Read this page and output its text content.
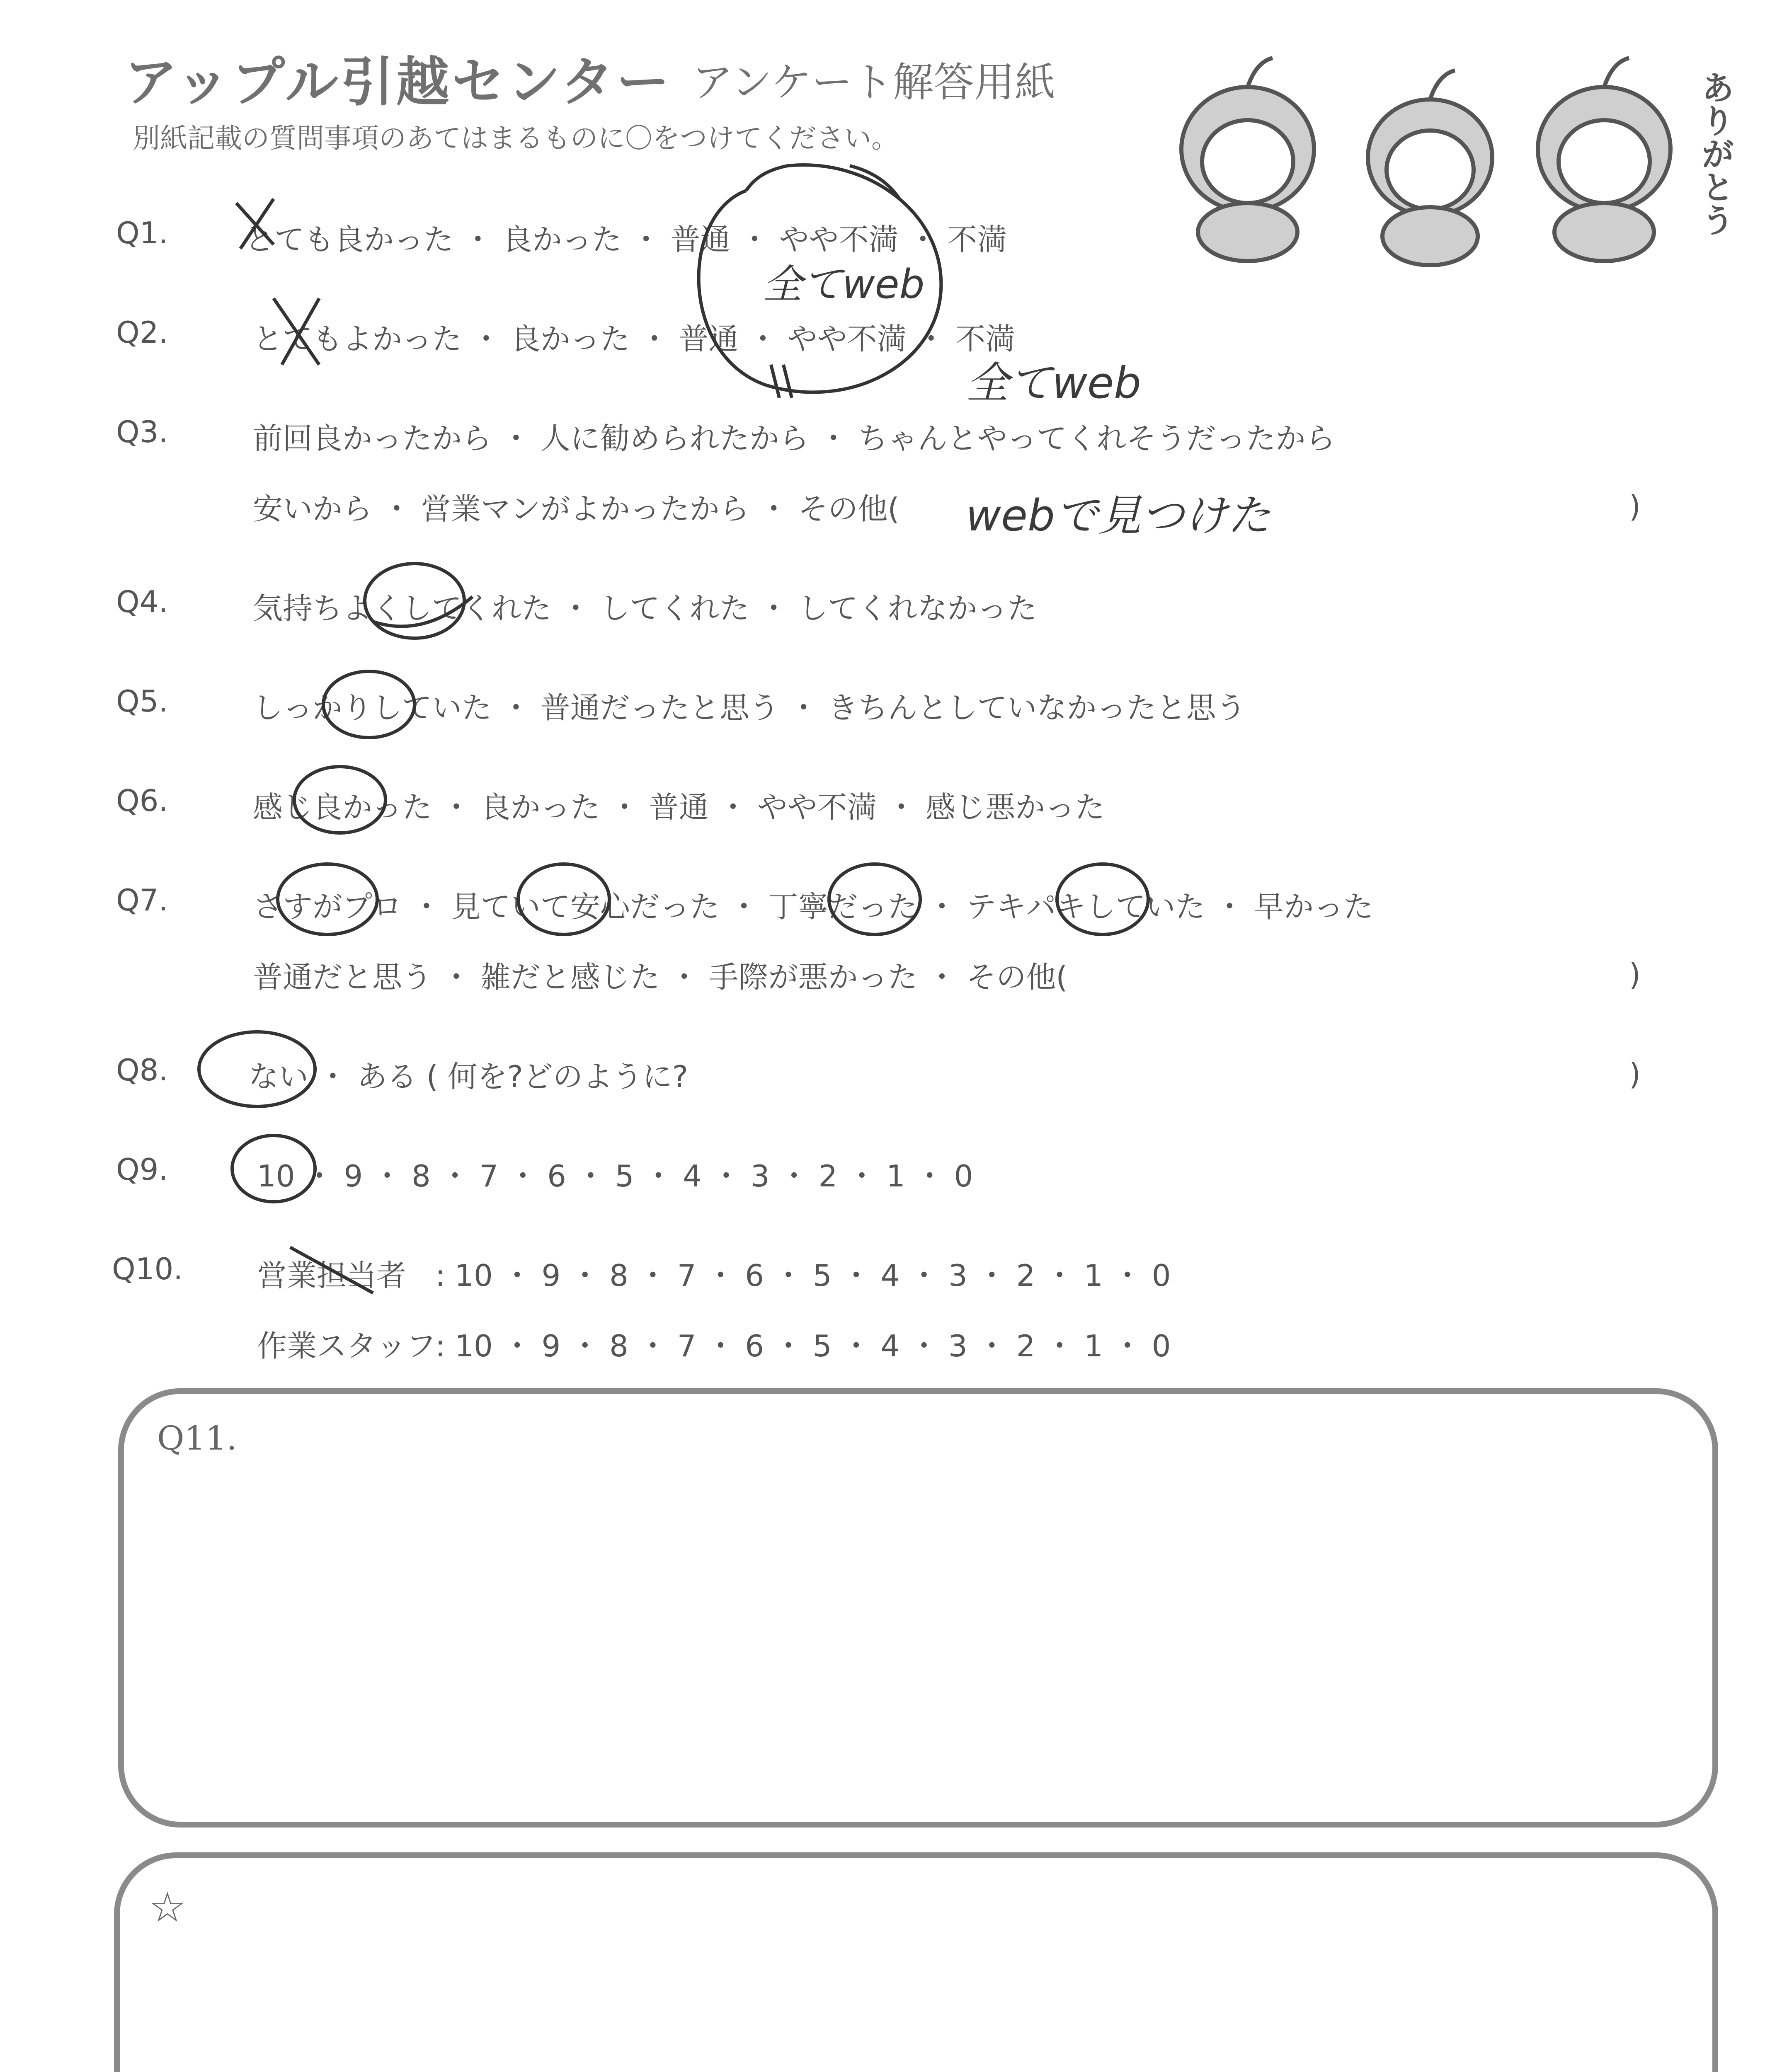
アップル引越センター アンケート解答用紙
別紙記載の質問事項のあてはまるものに〇をつけてください。	ありがとう
Q1.	とても良かった ・ 良かった ・ 普通 ・ やや不満 ・ 不満
Q2.	とてもよかった ・ 良かった ・ 普通 ・ やや不満 ・ 不満
Q3.	前回良かったから ・ 人に勧められたから ・ ちゃんとやってくれそうだったから
安いから ・ 営業マンがよかったから ・ その他(	)
Q4.	気持ちよくしてくれた ・ してくれた ・ してくれなかった
Q5.	しっかりしていた ・ 普通だったと思う ・ きちんとしていなかったと思う
Q6.	感じ良かった ・ 良かった ・ 普通 ・ やや不満 ・ 感じ悪かった
Q7.	さすがプロ ・ 見ていて安心だった ・ 丁寧だった ・ テキパキしていた ・ 早かった
普通だと思う ・ 雑だと感じた ・ 手際が悪かった ・ その他(	)
Q8.	ない ・ ある ( 何を?どのように?	)
Q9.	10 ・ 9 ・ 8 ・ 7 ・ 6 ・ 5 ・ 4 ・ 3 ・ 2 ・ 1 ・ 0
Q10. 営業担当者 : 10 ・ 9 ・ 8 ・ 7 ・ 6 ・ 5 ・ 4 ・ 3 ・ 2 ・ 1 ・ 0
作業スタッフ
: 10 ・ 9 ・ 8 ・ 7 ・ 6 ・ 5 ・ 4 ・ 3 ・ 2 ・ 1 ・ 0
全てweb
全てweb
webで見つけた
Q11.
☆
